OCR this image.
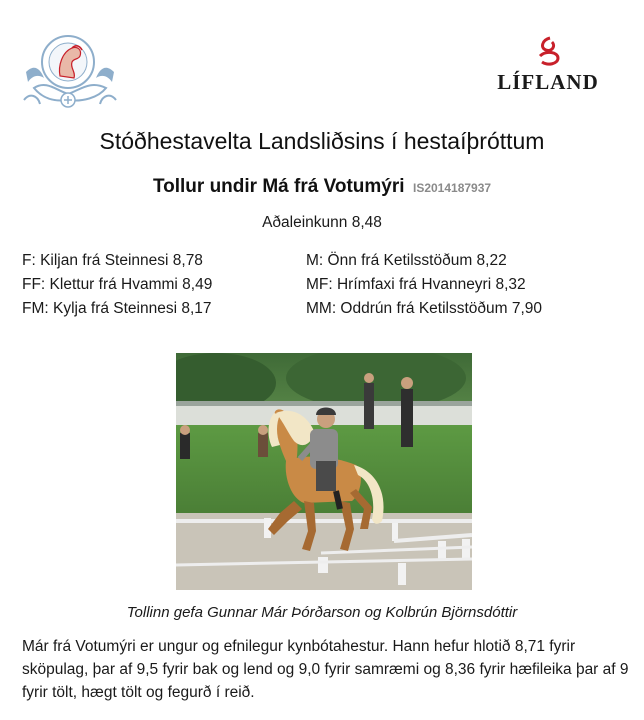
LÍFLAND
Stóðhestavelta Landsliðsins í hestaíþróttum
Tollur undir Má frá Votumýri IS2014187937
Aðaleinkunn 8,48
F: Kiljan frá Steinnesi 8,78
FF: Klettur frá Hvammi 8,49
FM: Kylja frá Steinnesi 8,17
M: Önn frá Ketilsstöðum 8,22
MF: Hrímfaxi frá Hvanneyri 8,32
MM: Oddrún frá Ketilsstöðum 7,90
Tollinn gefa Gunnar Már Þórðarson og Kolbrún Björnsdóttir
Már frá Votumýri er ungur og efnilegur kynbótahestur. Hann hefur hlotið 8,71 fyrir sköpulag, þar af 9,5 fyrir bak og lend og 9,0 fyrir samræmi og 8,36 fyrir hæfileika þar af 9 fyrir tölt, hægt tölt og fegurð í reið.
